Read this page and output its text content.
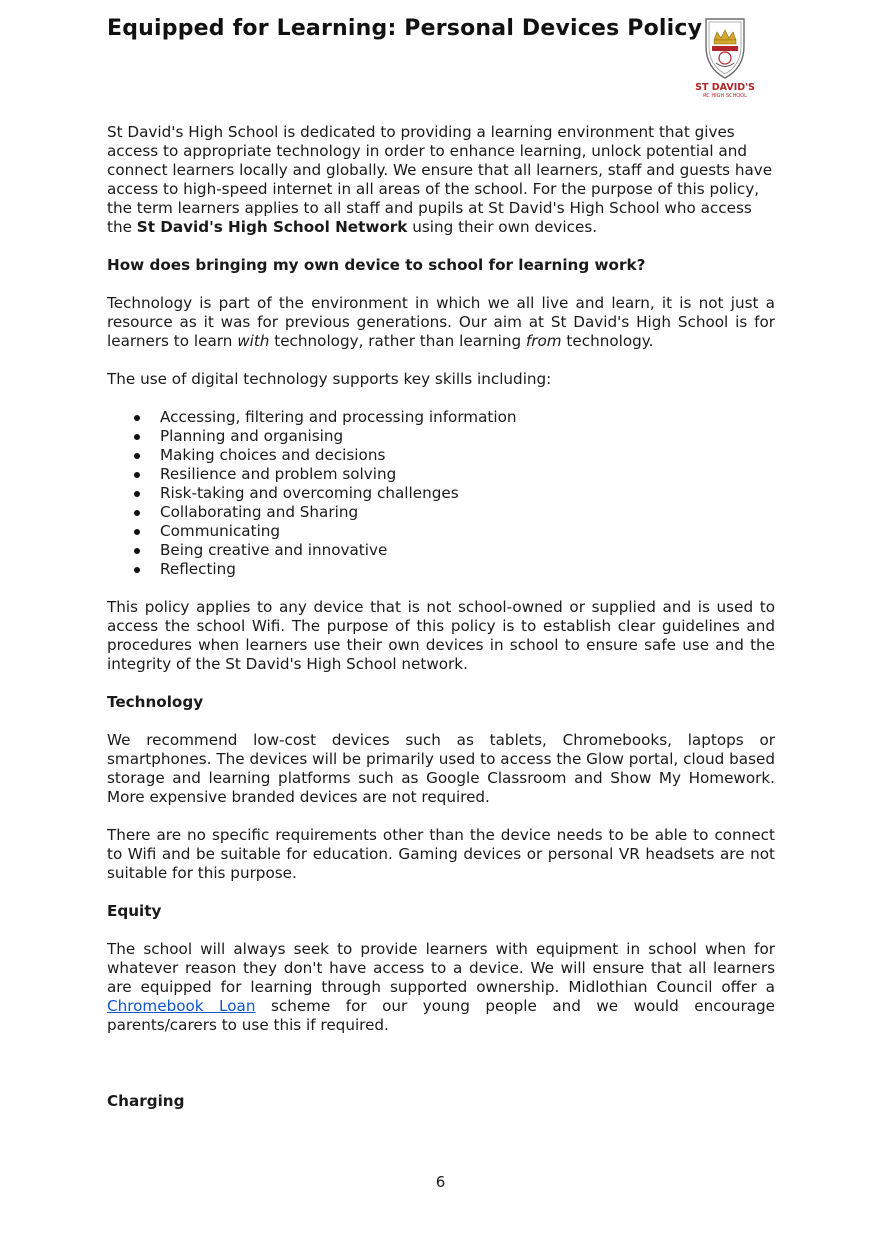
Equipped for Learning: Personal Devices Policy
ST DAVID'S
RC HIGH SCHOOL

St David's High School is dedicated to providing a learning environment that gives access to appropriate technology in order to enhance learning, unlock potential and connect learners locally and globally. We ensure that all learners, staff and guests have access to high-speed internet in all areas of the school. For the purpose of this policy, the term learners applies to all staff and pupils at St David's High School who access the St David's High School Network using their own devices.

How does bringing my own device to school for learning work?

Technology is part of the environment in which we all live and learn, it is not just a resource as it was for previous generations. Our aim at St David's High School is for learners to learn with technology, rather than learning from technology.

The use of digital technology supports key skills including:

Accessing, filtering and processing information
Planning and organising
Making choices and decisions
Resilience and problem solving
Risk-taking and overcoming challenges
Collaborating and Sharing
Communicating
Being creative and innovative
Reflecting

This policy applies to any device that is not school-owned or supplied and is used to access the school Wifi. The purpose of this policy is to establish clear guidelines and procedures when learners use their own devices in school to ensure safe use and the integrity of the St David's High School network.

Technology

We recommend low-cost devices such as tablets, Chromebooks, laptops or smartphones. The devices will be primarily used to access the Glow portal, cloud based storage and learning platforms such as Google Classroom and Show My Homework. More expensive branded devices are not required.

There are no specific requirements other than the device needs to be able to connect to Wifi and be suitable for education. Gaming devices or personal VR headsets are not suitable for this purpose.

Equity

The school will always seek to provide learners with equipment in school when for whatever reason they don't have access to a device. We will ensure that all learners are equipped for learning through supported ownership. Midlothian Council offer a Chromebook Loan scheme for our young people and we would encourage parents/carers to use this if required.

Charging

6
